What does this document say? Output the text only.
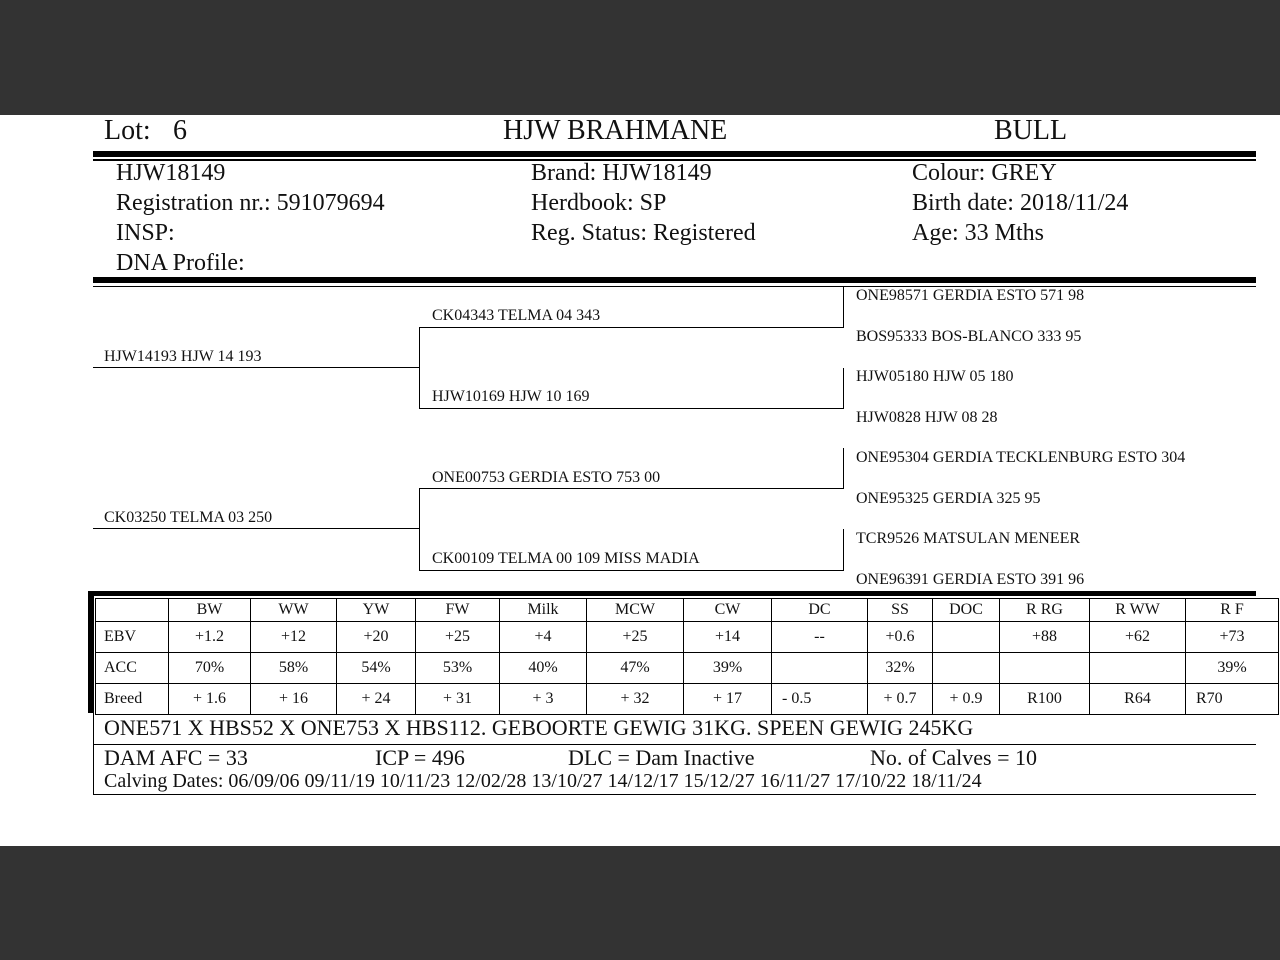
Lot: 6	HJW BRAHMANE	BULL
HJW18149
Registration nr.: 591079694
INSP:
DNA Profile:
Brand: HJW18149
Herdbook: SP
Reg. Status: Registered
Colour: GREY
Birth date: 2018/11/24
Age: 33 Mths
HJW14193 HJW 14 193
CK03250 TELMA 03 250
CK04343 TELMA 04 343
HJW10169 HJW 10 169
ONE00753 GERDIA ESTO 753 00
CK00109 TELMA 00 109 MISS MADIA
ONE98571 GERDIA ESTO 571 98
BOS95333 BOS-BLANCO 333 95
HJW05180 HJW 05 180
HJW0828 HJW 08 28
ONE95304 GERDIA TECKLENBURG ESTO 304
ONE95325 GERDIA 325 95
TCR9526 MATSULAN MENEER
ONE96391 GERDIA ESTO 391 96
	BW	WW	YW	FW	Milk	MCW	CW	DC	SS	DOC	R RG	R WW	R F
EBV	+1.2	+12	+20	+25	+4	+25	+14	--	+0.6		+88	+62	+73
ACC	70%	58%	54%	53%	40%	47%	39%		32%				39%
Breed	+ 1.6	+ 16	+ 24	+ 31	+ 3	+ 32	+ 17	- 0.5	+ 0.7	+ 0.9	R100	R64	R70
ONE571 X HBS52 X ONE753 X HBS112. GEBOORTE GEWIG 31KG. SPEEN GEWIG 245KG
DAM AFC = 33	ICP = 496	DLC = Dam Inactive	No. of Calves = 10
Calving Dates: 06/09/06 09/11/19 10/11/23 12/02/28 13/10/27 14/12/17 15/12/27 16/11/27 17/10/22 18/11/24
